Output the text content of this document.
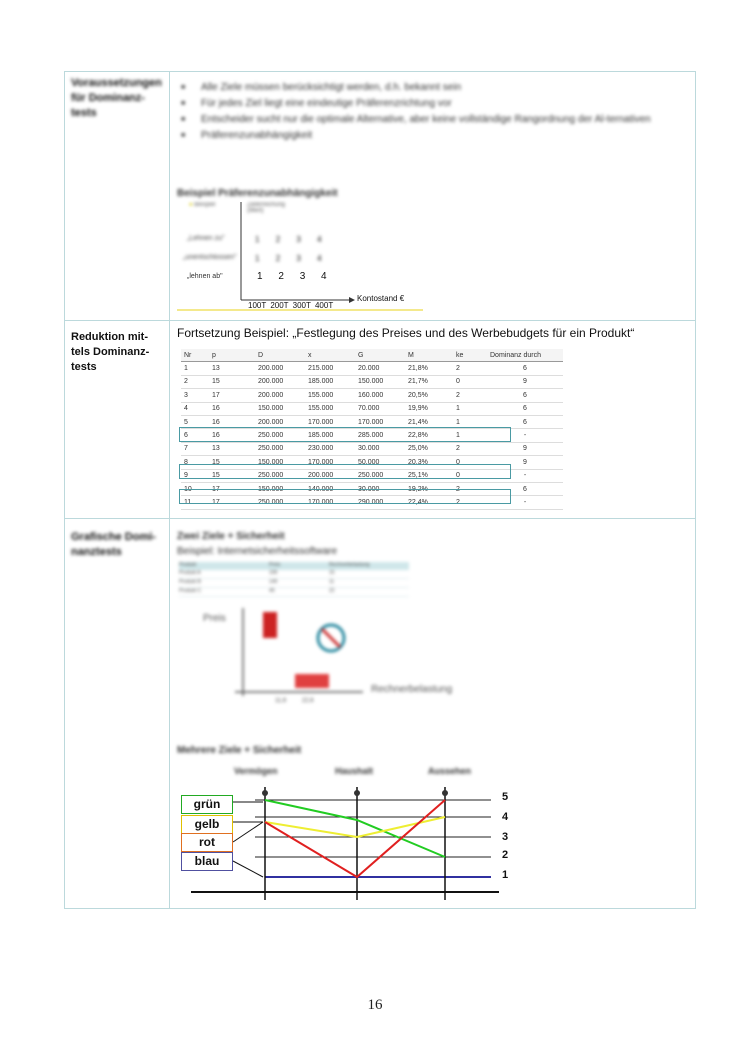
Voraussetzungen für Dominanz-tests
■ Alle Ziele müssen berücksichtigt werden, d.h. bekannt sein
■ Für jedes Ziel liegt eine eindeutige Präferenzrichtung vor
■ Entscheider sucht nur die optimale Alternative, aber keine vollständige Rangordnung der Al-ternativen
■ Präferenzunabhängigkeit
Beispiel Präferenzunabhängigkeit
● Beispiel	Zielerreichung (Wert)
„Lehnen zu"	1 2 3 4
„unentschlossen" 1 2 3 4
„lehnen ab"	1 2 3 4
100T 200T 300T 400T
Kontostand €
Reduktion mit-tels Dominanz-tests
Fortsetzung Beispiel: „Festlegung des Preises und des Werbebudgets für ein Produkt“
Nr	p	D	x	G	M	ke	Dominanz durch
1	13	200.000	215.000	20.000	21,8%	2	6
2	15	200.000	185.000	150.000	21,7%	0	9
3	17	200.000	155.000	160.000	20,5%	2	6
4	16	150.000	155.000	70.000	19,9%	1	6
5	16	200.000	170.000	170.000	21,4%	1	6
6	16	250.000	185.000	285.000	22,8%	1	-
7	13	250.000	230.000	30.000	25,0%	2	9
8	15	150.000	170.000	50.000	20,3%	0	9
9	15	250.000	200.000	250.000	25,1%	0	-
10	17	150.000	140.000	30.000	19,2%	2	6
11	17	250.000	170.000	290.000	22,4%	2	-
Grafische Domi-nanztests
Zwei Ziele + Sicherheit
Beispiel: Internetsicherheitssoftware
Produkt	Preis	Rechnerbelastung
Produkt A	199	15
Produkt B	149	11
Produkt C	49	22
Preis
Rechnerbelastung
11,6	22,6
Mehrere Ziele + Sicherheit
Vermögen	Haushalt	Aussehen
grün
gelb
rot
blau
5
4
3
2
1
16
